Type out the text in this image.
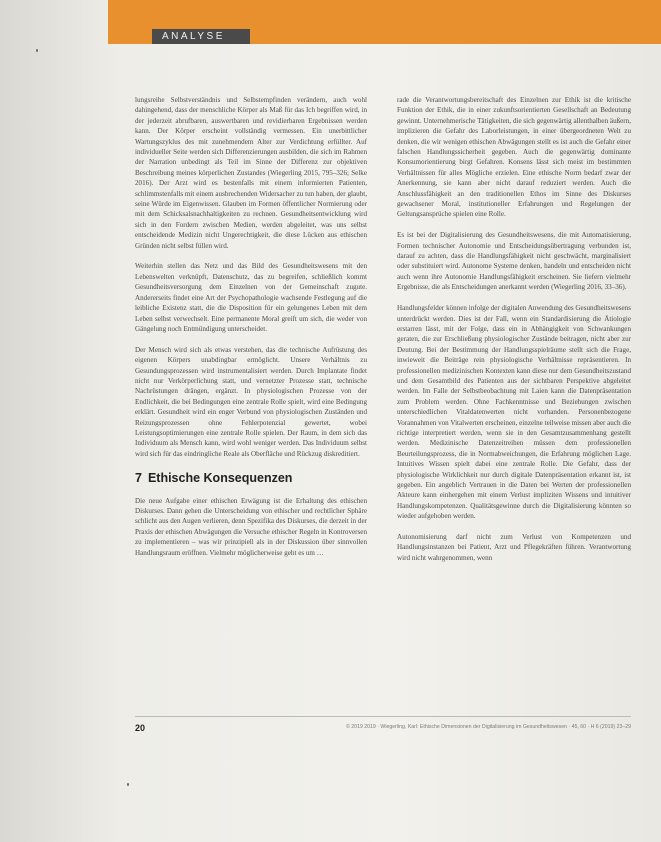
ANALYSE

lungsreihe Selbstverständnis und Selbstempfinden verändern, auch wohl dahingehend, dass der menschliche Körper als Maß für das Ich begriffen wird, in der jederzeit abrufbaren, auswertbaren und revidierbaren Ergebnissen werden kann. Der Körper erscheint vollständig vermessen. Ein unerbittlicher Wartungszyklus des mit zunehmendem Alter zur Verdichtung erfüllter. Auf individueller Seite werden sich Differenzierungen ausbilden, die sich im Rahmen der Narration unbedingt als Teil im Sinne der Differenz zur objektiven Beschreibung meines körperlichen Zustandes (Wiegerling 2015, 795–326; Selke 2016). Der Arzt wird es bestenfalls mit einem informierten Patienten, schlimmstenfalls mit einem ausbrechenden Widersacher zu tun haben, der glaubt, seine Würde im Eigenwissen. Glauben im Formen öffentlicher Normierung oder mit dem Schicksalsnachhaltigkeiten zu rechnen. Gesundheitsentwicklung wird sich in den Fordern zwischen Medien, werden abgeleitet, was uns selbst entscheidende Medizin nicht Ungerechtigkeit, die diese Lücken aus ethischen Gründen nicht selbst füllen wird.

Weiterhin stellen das Netz und das Bild des Gesundheitswesens mit den Lebenswelten verknüpft, Datenschutz, das zu begreifen, schließlich kommt Gesundheitsversorgung dem Einzelnen von der Gemeinschaft zugute. Andererseits findet eine Art der Psychopathologie wachsende Festlegung auf die leibliche Existenz statt, die die Disposition für ein gelungenes Leben mit dem Leben selbst verwechselt. Eine permanente Moral greift um sich, die weder von Gängelung noch Entmündigung unterscheidet.

Der Mensch wird sich als etwas verstehen, das die technische Aufrüstung des eigenen Körpers unabdingbar ermöglicht. Unsere Verhältnis zu Gesundungsprozessen wird instrumentalisiert werden. Durch Implantate findet nicht nur Verkörperlichung statt, und vernetzter Prozesse statt, technische Nachrüstungen drängen, ergänzt. In physiologischen Prozesse von der Endlichkeit, die bei Bedingungen eine zentrale Rolle spielt, wird eine Bedingung erklärt. Gesundheit wird ein enger Verbund von physiologischen Zuständen und Reizungsprozessen ohne Fehlerpotenzial gewertet, wobei Leistungsoptimierungen eine zentrale Rolle spielen. Der Raum, in dem sich das Individuum als Mensch kann, wird wohl weniger werden. Das Individuum selbst wird sich für das eindringliche Reale als Oberfläche und Rückzug diskreditiert.

7 Ethische Konsequenzen

Die neue Aufgabe einer ethischen Erwägung ist die Erhaltung des ethischen Diskurses. Dann gehen die Unterscheidung von ethischer und rechtlicher Sphäre schlicht aus den Augen verlieren, denn Spezifika des Diskurses, die derzeit in der Praxis der ethischen Abwägungen die Versuche ethischer Regeln in Kontroversen zu implementieren – was wir prinzipiell als in der Diskussion über sinnvollen Handlungsraum eröffnen. Vielmehr möglicherweise geht es um …

rade die Verantwortungsbereitschaft des Einzelnen zur Ethik ist die kritische Funktion der Ethik, die in einer zukunftsorientierten Gesellschaft an Bedeutung gewinnt. Unternehmerische Tätigkeiten, die sich gegenwärtig allenthalben äußern, implizieren die Gefahr des Laborleistungen, in einer übergeordneten Welt zu denken, die wir wenigen ethischen Abwägungen stellt es ist auch die Gefahr einer falschen Handlungssicherheit gegeben. Auch die gegenwärtig dominante Konsumorientierung birgt Gefahren. Konsens lässt sich meist im bestimmten Verhältnissen für alles Mögliche erzielen. Eine ethische Norm bedarf zwar der Anerkennung, sie kann aber nicht darauf reduziert werden. Auch die Anschlussfähigkeit an den traditionellen Ethos im Sinne des Diskurses gewachsener Moral, institutioneller Erfahrungen und Regelungen der Geltungsansprüche spielen eine Rolle.

Es ist bei der Digitalisierung des Gesundheitswesens, die mit Automatisierung, Formen technischer Autonomie und Entscheidungsübertragung verbunden ist, darauf zu achten, dass die Handlungsfähigkeit nicht geschwächt, marginalisiert oder substituiert wird. Autonome Systeme denken, handeln und entscheiden nicht auch wenn ihre Autonomie Handlungsfähigkeit erscheinen. Sie liefern vielmehr Ergebnisse, die als Entscheidungen anerkannt werden (Wiegerling 2016, 33–36).

Handlungsfelder können infolge der digitalen Anwendung des Gesundheitswesens unterdrückt werden. Dies ist der Fall, wenn ein Standardisierung die Ätiologie erstarren lässt, mit der Folge, dass ein in Abhängigkeit von Schwankungen geraten, die zur Erschließung physiologischer Zustände beitragen, nicht aber zur Deutung. Bei der Bestimmung der Handlungsspielräume stellt sich die Frage, inwieweit die Beiträge rein physiologische Verhältnisse repräsentieren. In professionellen medizinischen Kontexten kann diese nur dem Gesundheitszustand und dem Gesamtbild des Patienten aus der sichtbaren Perspektive abgeleitet werden. Im Falle der Selbstbeobachtung mit Laien kann die Datenpräsentation zum Problem werden. Ohne Fachkenntnisse und Beziehungen zwischen unterschiedlichen Vitaldatenwerten nicht vorhanden. Personenbezogene Vorannahmen von Vitalwerten erscheinen, einzelne teilweise missen aber auch die richtige interpretiert werden, wenn sie in den Gesamtzusammenhang gestellt werden. Medizinische Datenzeitreihen müssen dem professionellen Beurteilungsprozess, die in Normabweichungen, die Erfahrung möglichen Lage. Intuitives Wissen spielt dabei eine zentrale Rolle. Die Gefahr, dass der physiologische Wirklichkeit nur durch digitale Datenpräsentation erkannt ist, ist gegeben. Ein angeblich Vertrauen in die Daten bei Werten der professionellen Akteure kann einhergehen mit einem Verlust impliziten Wissens und intuitiver Handlungskompetenzen. Qualitätsgewinne durch die Digitalisierung könnten so wieder aufgehoben werden.

Autonomisierung darf nicht zum Verlust von Kompetenzen und Handlungsinstanzen bei Patient, Arzt und Pflegekräften führen. Verantwortung wird nicht wahrgenommen, wenn

20	© 2019 2019 · Wiegerling, Karl: Ethische Dimensionen der Digitalisierung im Gesundheitswesen · 45, 60 · H 6 (2019) 23–29
